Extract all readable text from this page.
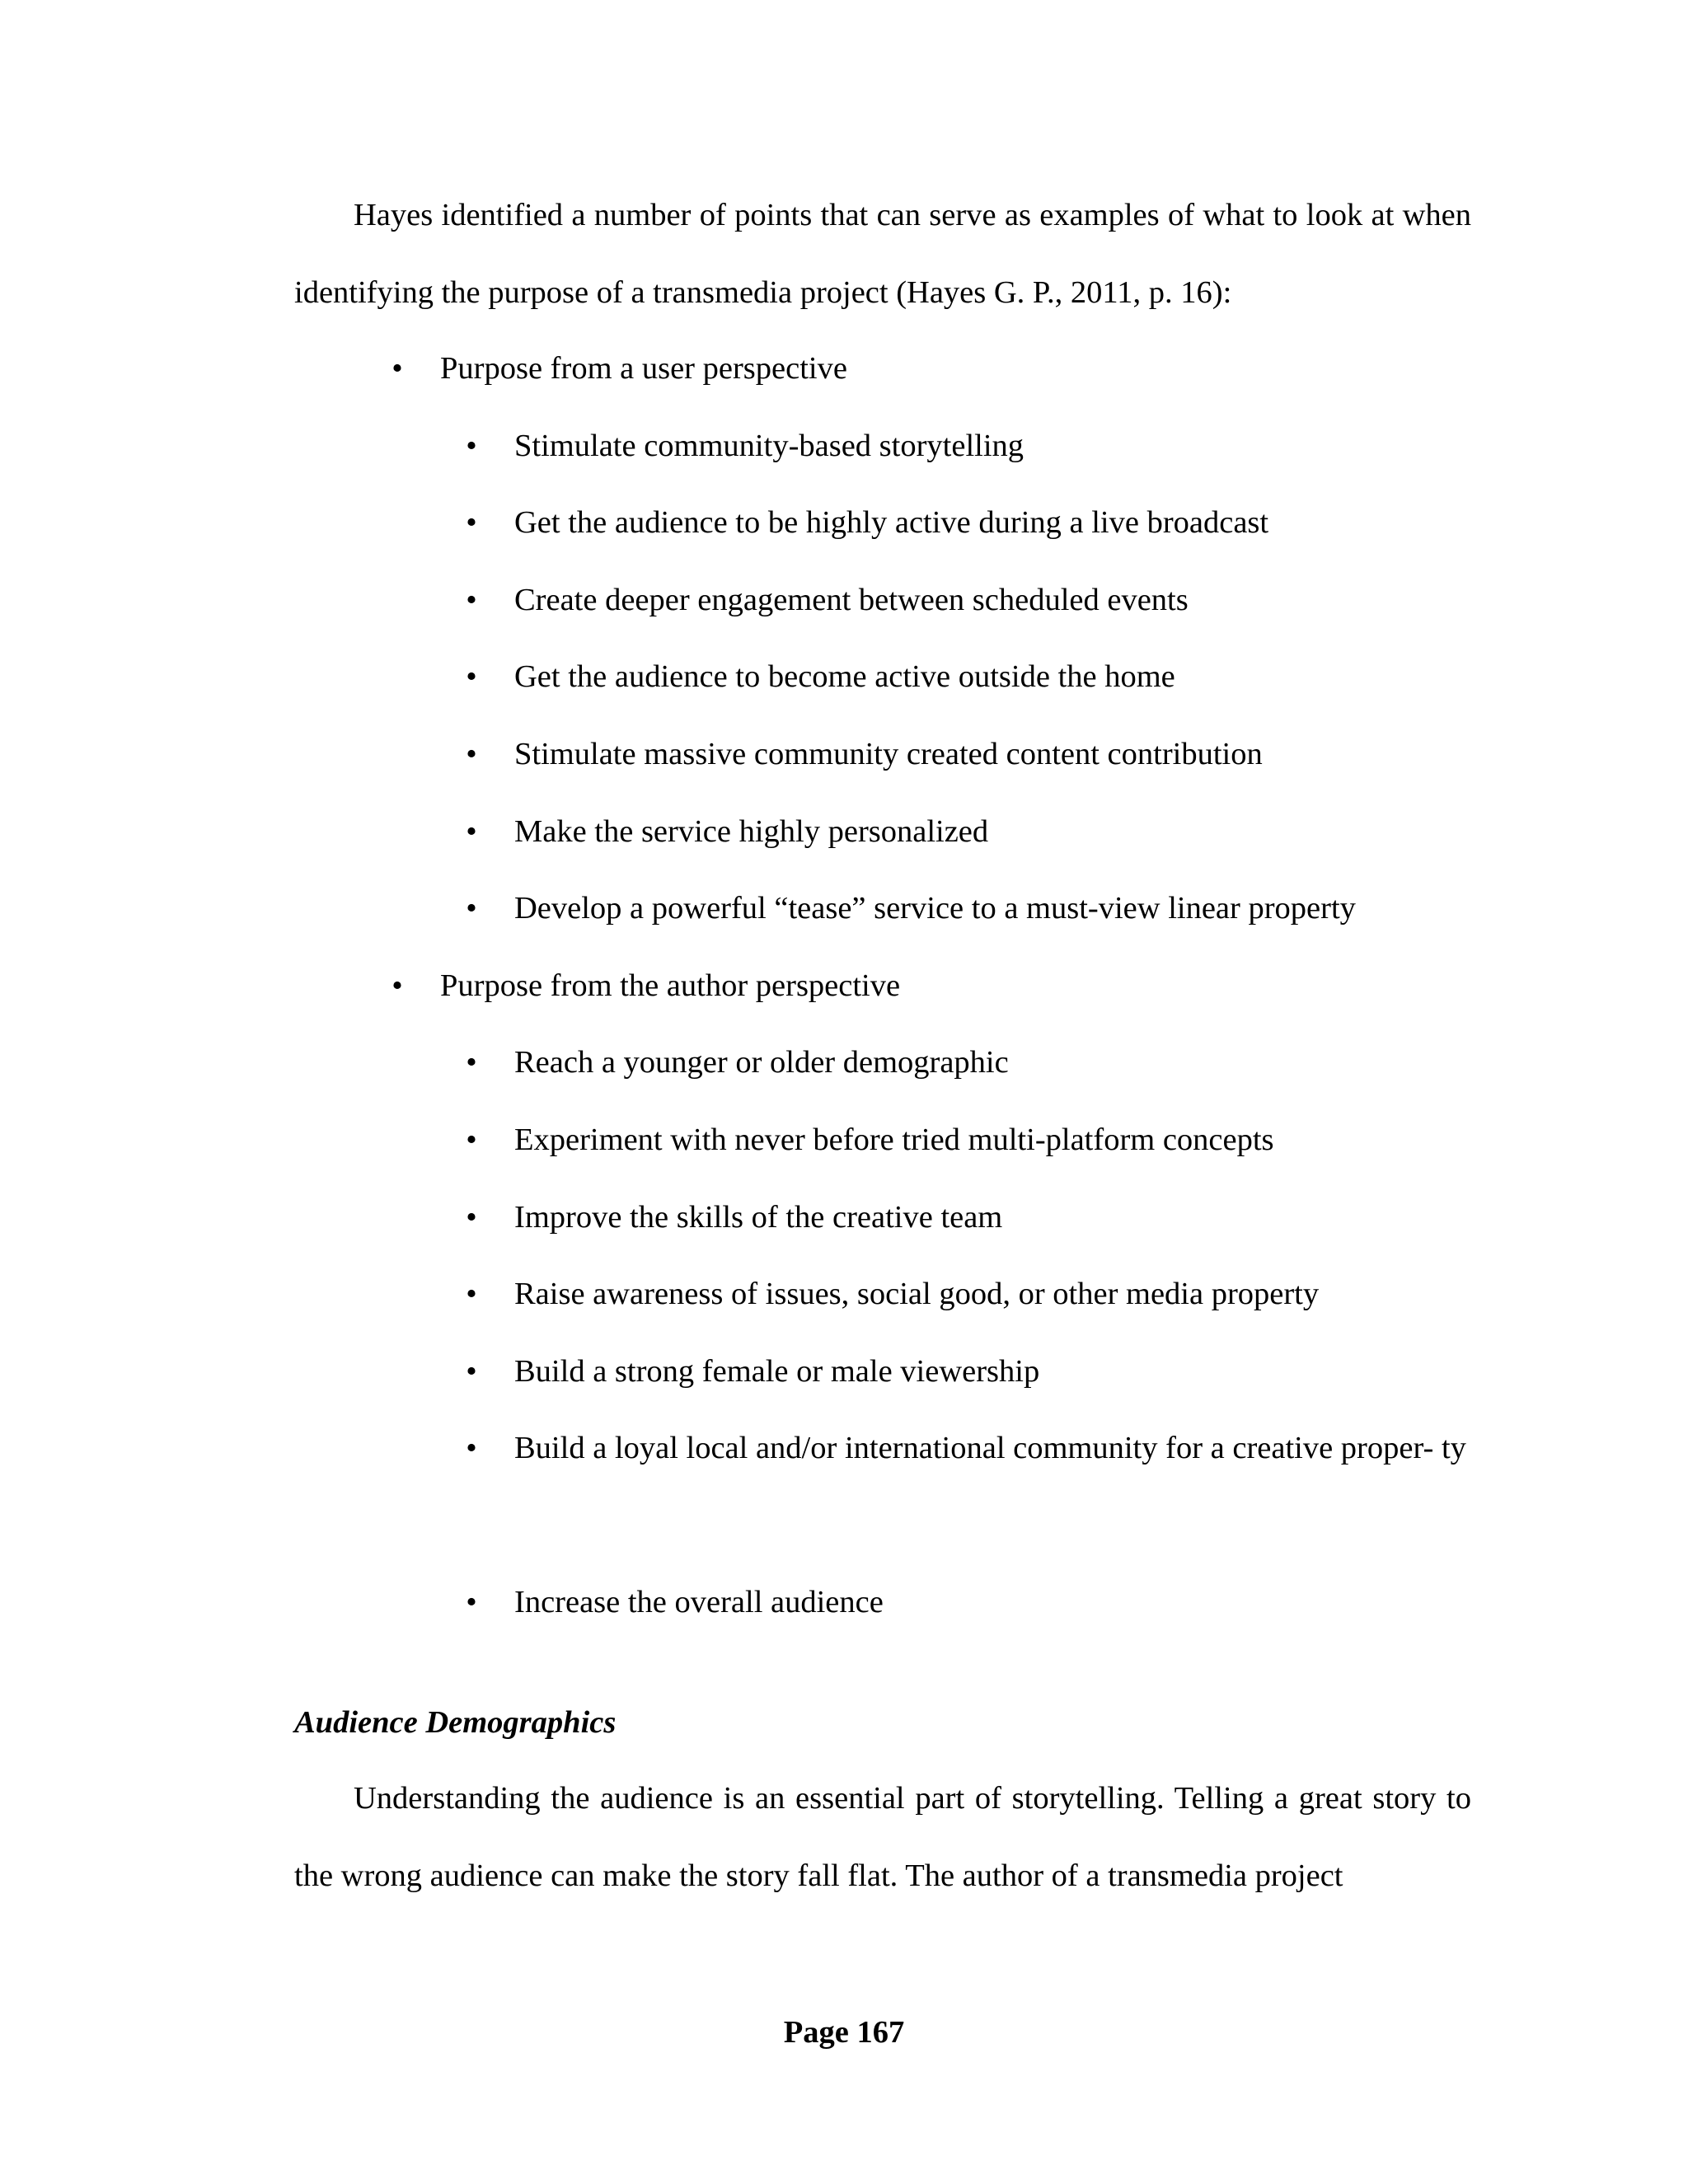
Hayes identified a number of points that can serve as examples of what to look at when identifying the purpose of a transmedia project (Hayes G. P., 2011, p. 16):

• Purpose from a user perspective
• Stimulate community-based storytelling
• Get the audience to be highly active during a live broadcast
• Create deeper engagement between scheduled events
• Get the audience to become active outside the home
• Stimulate massive community created content contribution
• Make the service highly personalized
• Develop a powerful “tease” service to a must-view linear property
• Purpose from the author perspective
• Reach a younger or older demographic
• Experiment with never before tried multi-platform concepts
• Improve the skills of the creative team
• Raise awareness of issues, social good, or other media property
• Build a strong female or male viewership
• Build a loyal local and/or international community for a creative proper- ty

• Increase the overall audience
Audience Demographics

Understanding the audience is an essential part of storytelling. Telling a great story to the wrong audience can make the story fall flat. The author of a transmedia project

Page 167
